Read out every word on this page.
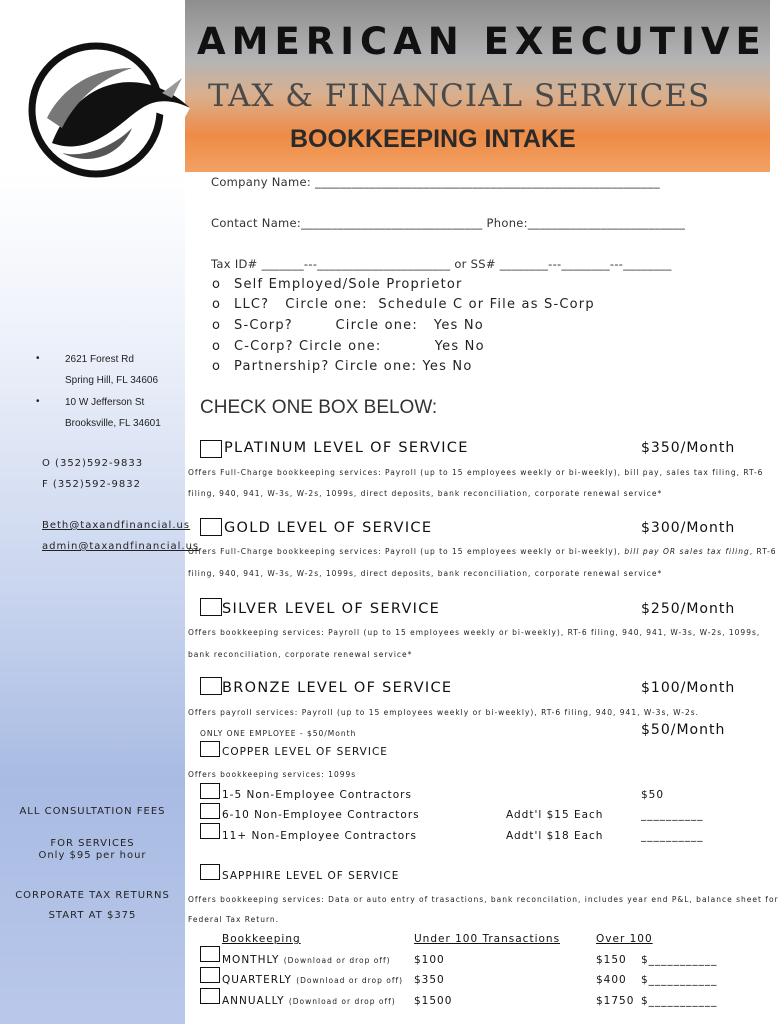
AMERICAN EXECUTIVE
TAX & FINANCIAL SERVICES
BOOKKEEPING INTAKE
•	2621 Forest Rd
Spring Hill, FL 34606
•	10 W Jefferson St
Brooksville, FL 34601
O (352)592-9833
F (352)592-9832
Beth@taxandfinancial.us
admin@taxandfinancial.us
ALL CONSULTATION FEES
FOR SERVICES
Only $95 per hour
CORPORATE TAX RETURNS
START AT $375
Company Name: _________________________________________________________
Contact Name:______________________________ Phone:__________________________
Tax ID# _______---______________________ or SS# ________---________---________
o Self Employed/Sole Proprietor
o LLC?   Circle one:  Schedule C or File as S-Corp
o S-Corp?        Circle one:   Yes No
o C-Corp? Circle one:          Yes No
o Partnership? Circle one: Yes No
CHECK ONE BOX BELOW:
PLATINUM LEVEL OF SERVICE	$350/Month
Offers Full-Charge bookkeeping services: Payroll (up to 15 employees weekly or bi-weekly), bill pay, sales tax filing, RT-6
filing, 940, 941, W-3s, W-2s, 1099s, direct deposits, bank reconciliation, corporate renewal service*
GOLD LEVEL OF SERVICE	$300/Month
Offers Full-Charge bookkeeping services: Payroll (up to 15 employees weekly or bi-weekly), bill pay OR sales tax filing, RT-6
filing, 940, 941, W-3s, W-2s, 1099s, direct deposits, bank reconciliation, corporate renewal service*
SILVER LEVEL OF SERVICE	$250/Month
Offers bookkeeping services: Payroll (up to 15 employees weekly or bi-weekly), RT-6 filing, 940, 941, W-3s, W-2s, 1099s,
bank reconciliation, corporate renewal service*
BRONZE LEVEL OF SERVICE	$100/Month
Offers payroll services: Payroll (up to 15 employees weekly or bi-weekly), RT-6 filing, 940, 941, W-3s, W-2s.
ONLY ONE EMPLOYEE - $50/Month	$50/Month
COPPER LEVEL OF SERVICE
Offers bookkeeping services: 1099s
1-5 Non-Employee Contractors	$50
6-10 Non-Employee Contractors	Addt'l $15 Each	__________
11+ Non-Employee Contractors	Addt'l $18 Each	__________
SAPPHIRE LEVEL OF SERVICE
Offers bookkeeping services: Data or auto entry of trasactions, bank reconcilation, includes year end P&L, balance sheet for
Federal Tax Return.
Bookkeeping	Under 100 Transactions	Over 100
MONTHLY (Download or drop off) $100	$150 $___________
QUARTERLY (Download or drop off) $350	$400 $___________
ANNUALLY (Download or drop off) $1500	$1750 $___________
